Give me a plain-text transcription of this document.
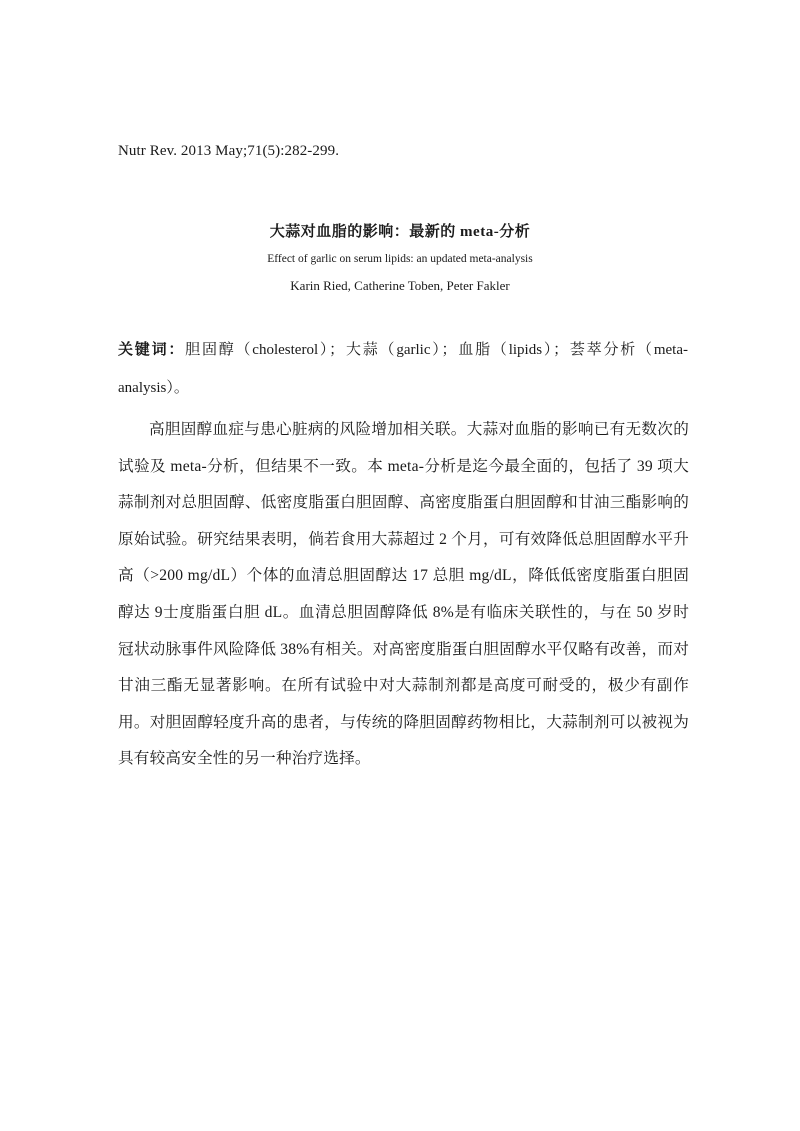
Nutr Rev. 2013 May;71(5):282-299.
大蒜对血脂的影响：最新的 meta-分析
Effect of garlic on serum lipids: an updated meta-analysis
Karin Ried, Catherine Toben, Peter Fakler
关键词：胆固醇（cholesterol）；大蒜（garlic）；血脂（lipids）；荟萃分析（meta-analysis）。
高胆固醇血症与患心脏病的风险增加相关联。大蒜对血脂的影响已有无数次的试验及 meta-分析，但结果不一致。本 meta-分析是迄今最全面的，包括了 39 项大蒜制剂对总胆固醇、低密度脂蛋白胆固醇、高密度脂蛋白胆固醇和甘油三酯影响的原始试验。研究结果表明，倘若食用大蒜超过 2 个月，可有效降低总胆固醇水平升高（>200 mg/dL）个体的血清总胆固醇达 17 总胆 mg/dL，降低低密度脂蛋白胆固醇达 9士度脂蛋白胆 dL。血清总胆固醇降低 8%是有临床关联性的，与在 50 岁时冠状动脉事件风险降低 38%有相关。对高密度脂蛋白胆固醇水平仅略有改善，而对甘油三酯无显著影响。在所有试验中对大蒜制剂都是高度可耐受的，极少有副作用。对胆固醇轻度升高的患者，与传统的降胆固醇药物相比，大蒜制剂可以被视为具有较高安全性的另一种治疗选择。
